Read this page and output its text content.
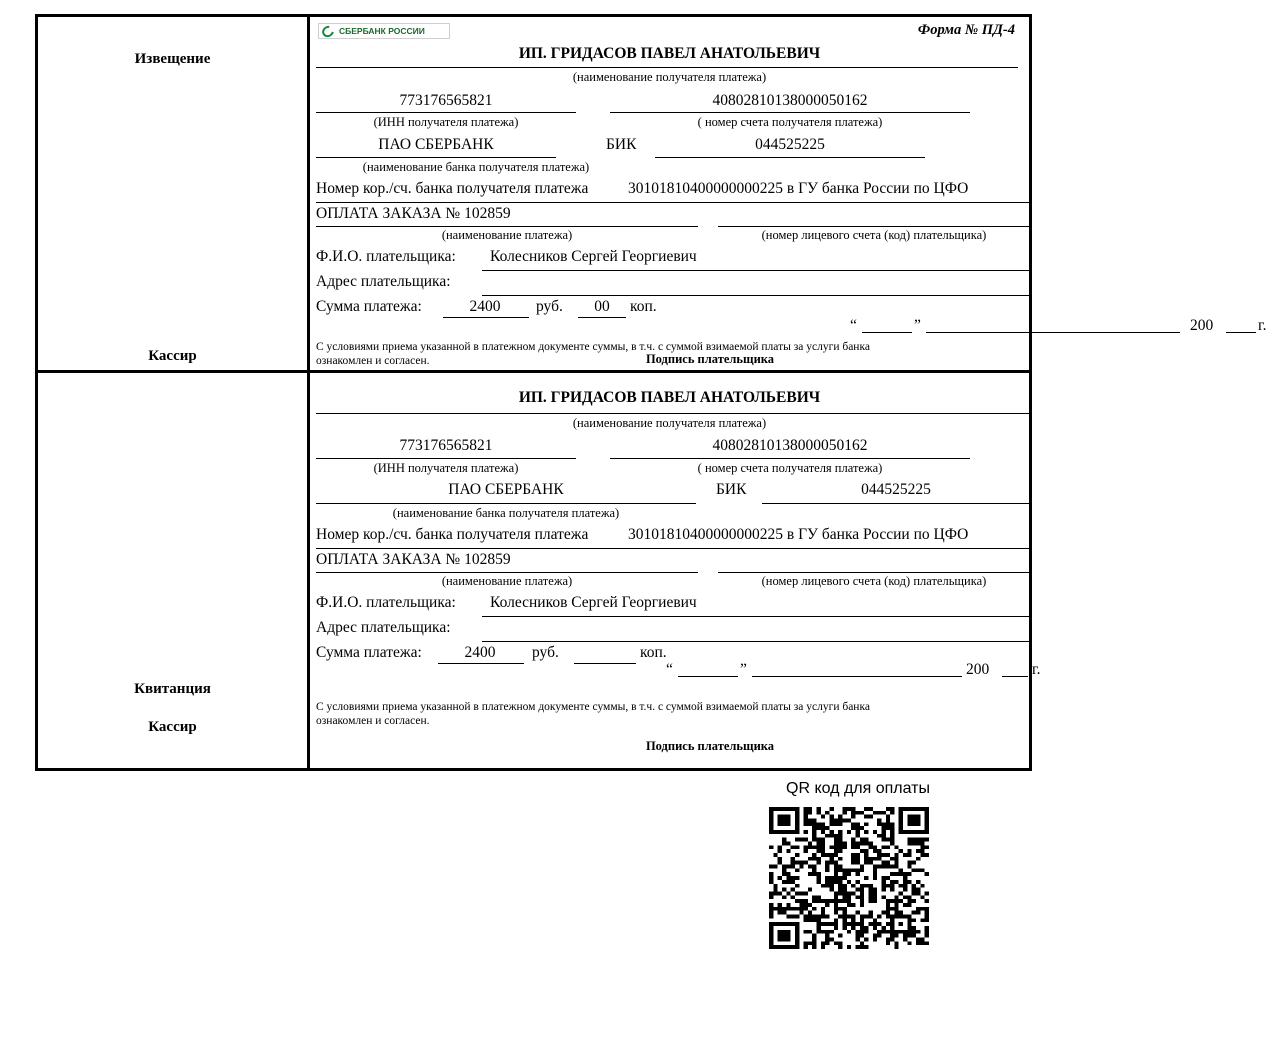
Извещение
Кассир
СБЕРБАНК РОССИИ	Форма № ПД-4
ИП. ГРИДАСОВ ПАВЕЛ АНАТОЛЬЕВИЧ
(наименование получателя платежа)
773176565821
(ИНН получателя платежа)
40802810138000050162
( номер счета получателя платежа)
ПАО СБЕРБАНК
(наименование банка получателя платежа)
БИК	044525225
Номер кор./сч. банка получателя платежа	30101810400000000225 в ГУ банка России по ЦФО
ОПЛАТА ЗАКАЗА № 102859
(наименование платежа)	(номер лицевого счета (код) плательщика)
Ф.И.О. плательщика: Колесников Сергей Георгиевич
Адрес плательщика:
Сумма платежа:	2400	руб.	00	коп.
“	”	200	г.
С условиями приема указанной в платежном документе суммы, в т.ч. с суммой взимаемой платы за услуги банка
ознакомлен и согласен.	Подпись плательщика
Квитанция
Кассир
ИП. ГРИДАСОВ ПАВЕЛ АНАТОЛЬЕВИЧ
(наименование получателя платежа)
773176565821
(ИНН получателя платежа)
40802810138000050162
( номер счета получателя платежа)
ПАО СБЕРБАНК
(наименование банка получателя платежа)
БИК	044525225
Номер кор./сч. банка получателя платежа	30101810400000000225 в ГУ банка России по ЦФО
ОПЛАТА ЗАКАЗА № 102859
(наименование платежа)	(номер лицевого счета (код) плательщика)
Ф.И.О. плательщика: Колесников Сергей Георгиевич
Адрес плательщика:
Сумма платежа:	2400	руб.	коп.
“	”	200	г.
С условиями приема указанной в платежном документе суммы, в т.ч. с суммой взимаемой платы за услуги банка
ознакомлен и согласен.
Подпись плательщика
QR код для оплаты
